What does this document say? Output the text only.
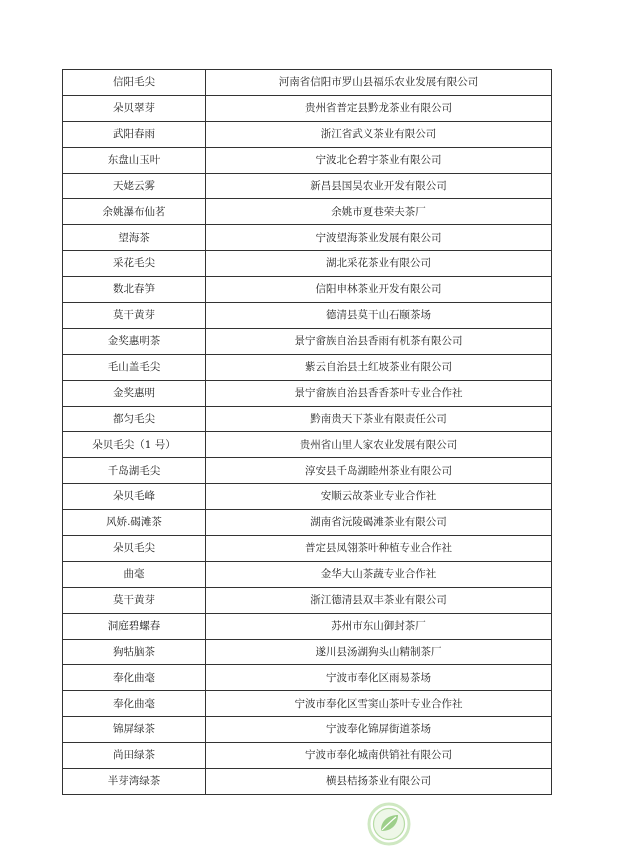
信阳毛尖	河南省信阳市罗山县福乐农业发展有限公司
朵贝翠芽	贵州省普定县黔龙茶业有限公司
武阳春雨	浙江省武义茶业有限公司
东盘山玉叶	宁波北仑碧宇茶业有限公司
天姥云雾	新昌县国昊农业开发有限公司
余姚瀑布仙茗	余姚市夏巷荣夫茶厂
望海茶	宁波望海茶业发展有限公司
采花毛尖	湖北采花茶业有限公司
数北春笋	信阳申林茶业开发有限公司
莫干黄芽	德清县莫干山石颐茶场
金奖惠明茶	景宁畲族自治县香雨有机茶有限公司
毛山盖毛尖	紫云自治县土红坡茶业有限公司
金奖惠明	景宁畲族自治县香香茶叶专业合作社
都匀毛尖	黔南贵天下茶业有限责任公司
朵贝毛尖（1 号）	贵州省山里人家农业发展有限公司
千岛湖毛尖	淳安县千岛湖睦州茶业有限公司
朵贝毛峰	安顺云故茶业专业合作社
风娇.碣滩茶	湖南省沅陵碣滩茶业有限公司
朵贝毛尖	普定县凤翎茶叶种植专业合作社
曲毫	金华大山茶蔬专业合作社
莫干黄芽	浙江德清县双丰茶业有限公司
洞庭碧螺春	苏州市东山御封茶厂
狗牯脑茶	遂川县汤湖狗头山精制茶厂
奉化曲毫	宁波市奉化区雨易茶场
奉化曲毫	宁波市奉化区雪窦山茶叶专业合作社
锦屏绿茶	宁波奉化锦屏街道茶场
尚田绿茶	宁波市奉化城南供销社有限公司
半芽湾绿茶	横县桔扬茶业有限公司
